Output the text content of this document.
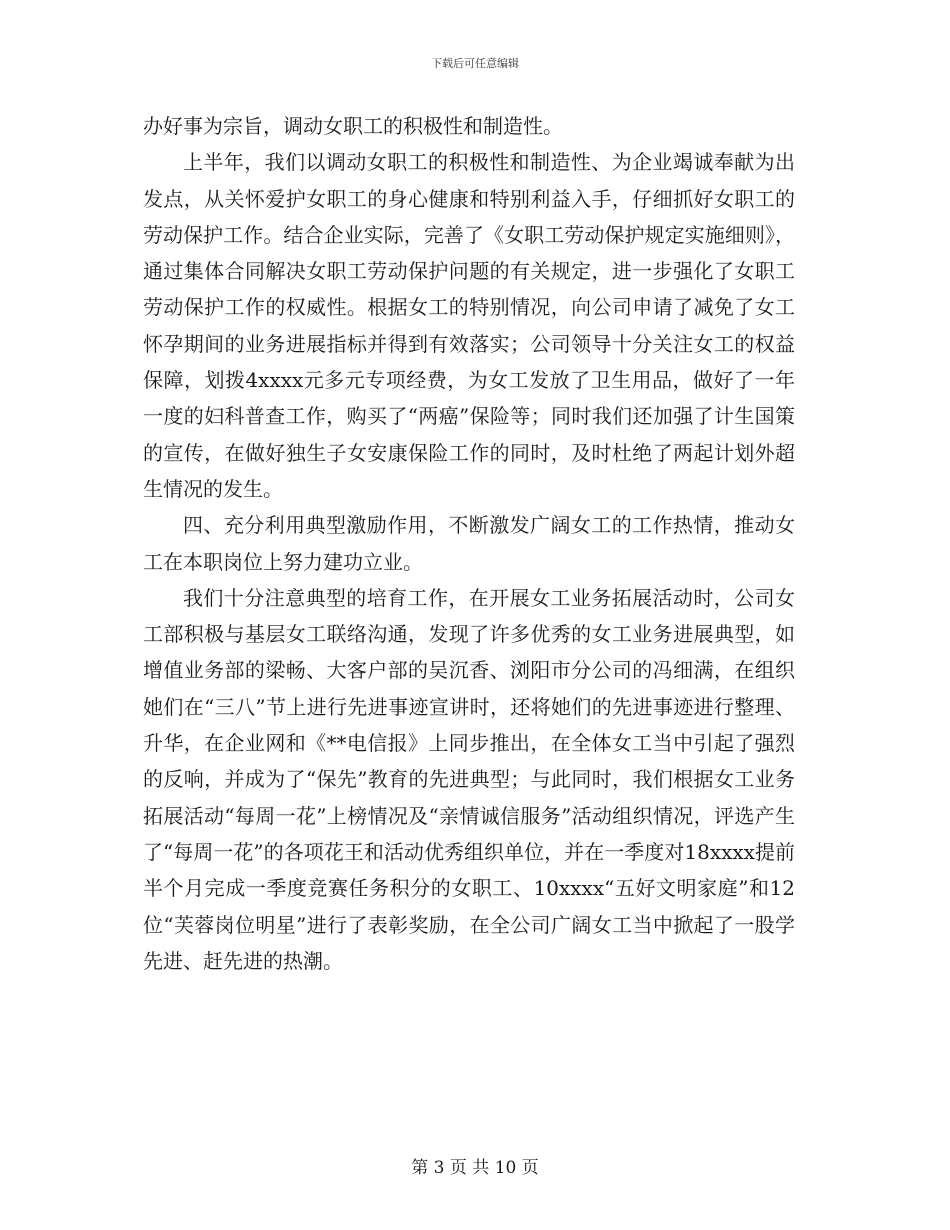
下载后可任意编辑

办好事为宗旨，调动女职工的积极性和制造性。

上半年，我们以调动女职工的积极性和制造性、为企业竭诚奉献为出发点，从关怀爱护女职工的身心健康和特别利益入手，仔细抓好女职工的劳动保护工作。结合企业实际，完善了《女职工劳动保护规定实施细则》，通过集体合同解决女职工劳动保护问题的有关规定，进一步强化了女职工劳动保护工作的权威性。根据女工的特别情况，向公司申请了减免了女工怀孕期间的业务进展指标并得到有效落实；公司领导十分关注女工的权益保障，划拨4xxxx元多元专项经费，为女工发放了卫生用品，做好了一年一度的妇科普查工作，购买了“两癌”保险等；同时我们还加强了计生国策的宣传，在做好独生子女安康保险工作的同时，及时杜绝了两起计划外超生情况的发生。

四、充分利用典型激励作用，不断激发广阔女工的工作热情，推动女工在本职岗位上努力建功立业。

我们十分注意典型的培育工作，在开展女工业务拓展活动时，公司女工部积极与基层女工联络沟通，发现了许多优秀的女工业务进展典型，如增值业务部的梁畅、大客户部的吴沉香、浏阳市分公司的冯细满，在组织她们在“三八”节上进行先进事迹宣讲时，还将她们的先进事迹进行整理、升华，在企业网和《**电信报》上同步推出，在全体女工当中引起了强烈的反响，并成为了“保先”教育的先进典型；与此同时，我们根据女工业务拓展活动“每周一花”上榜情况及“亲情诚信服务”活动组织情况，评选产生了“每周一花”的各项花王和活动优秀组织单位，并在一季度对18xxxx提前半个月完成一季度竞赛任务积分的女职工、10xxxx“五好文明家庭”和12位“芙蓉岗位明星”进行了表彰奖励，在全公司广阔女工当中掀起了一股学先进、赶先进的热潮。

第 3 页 共 10 页
